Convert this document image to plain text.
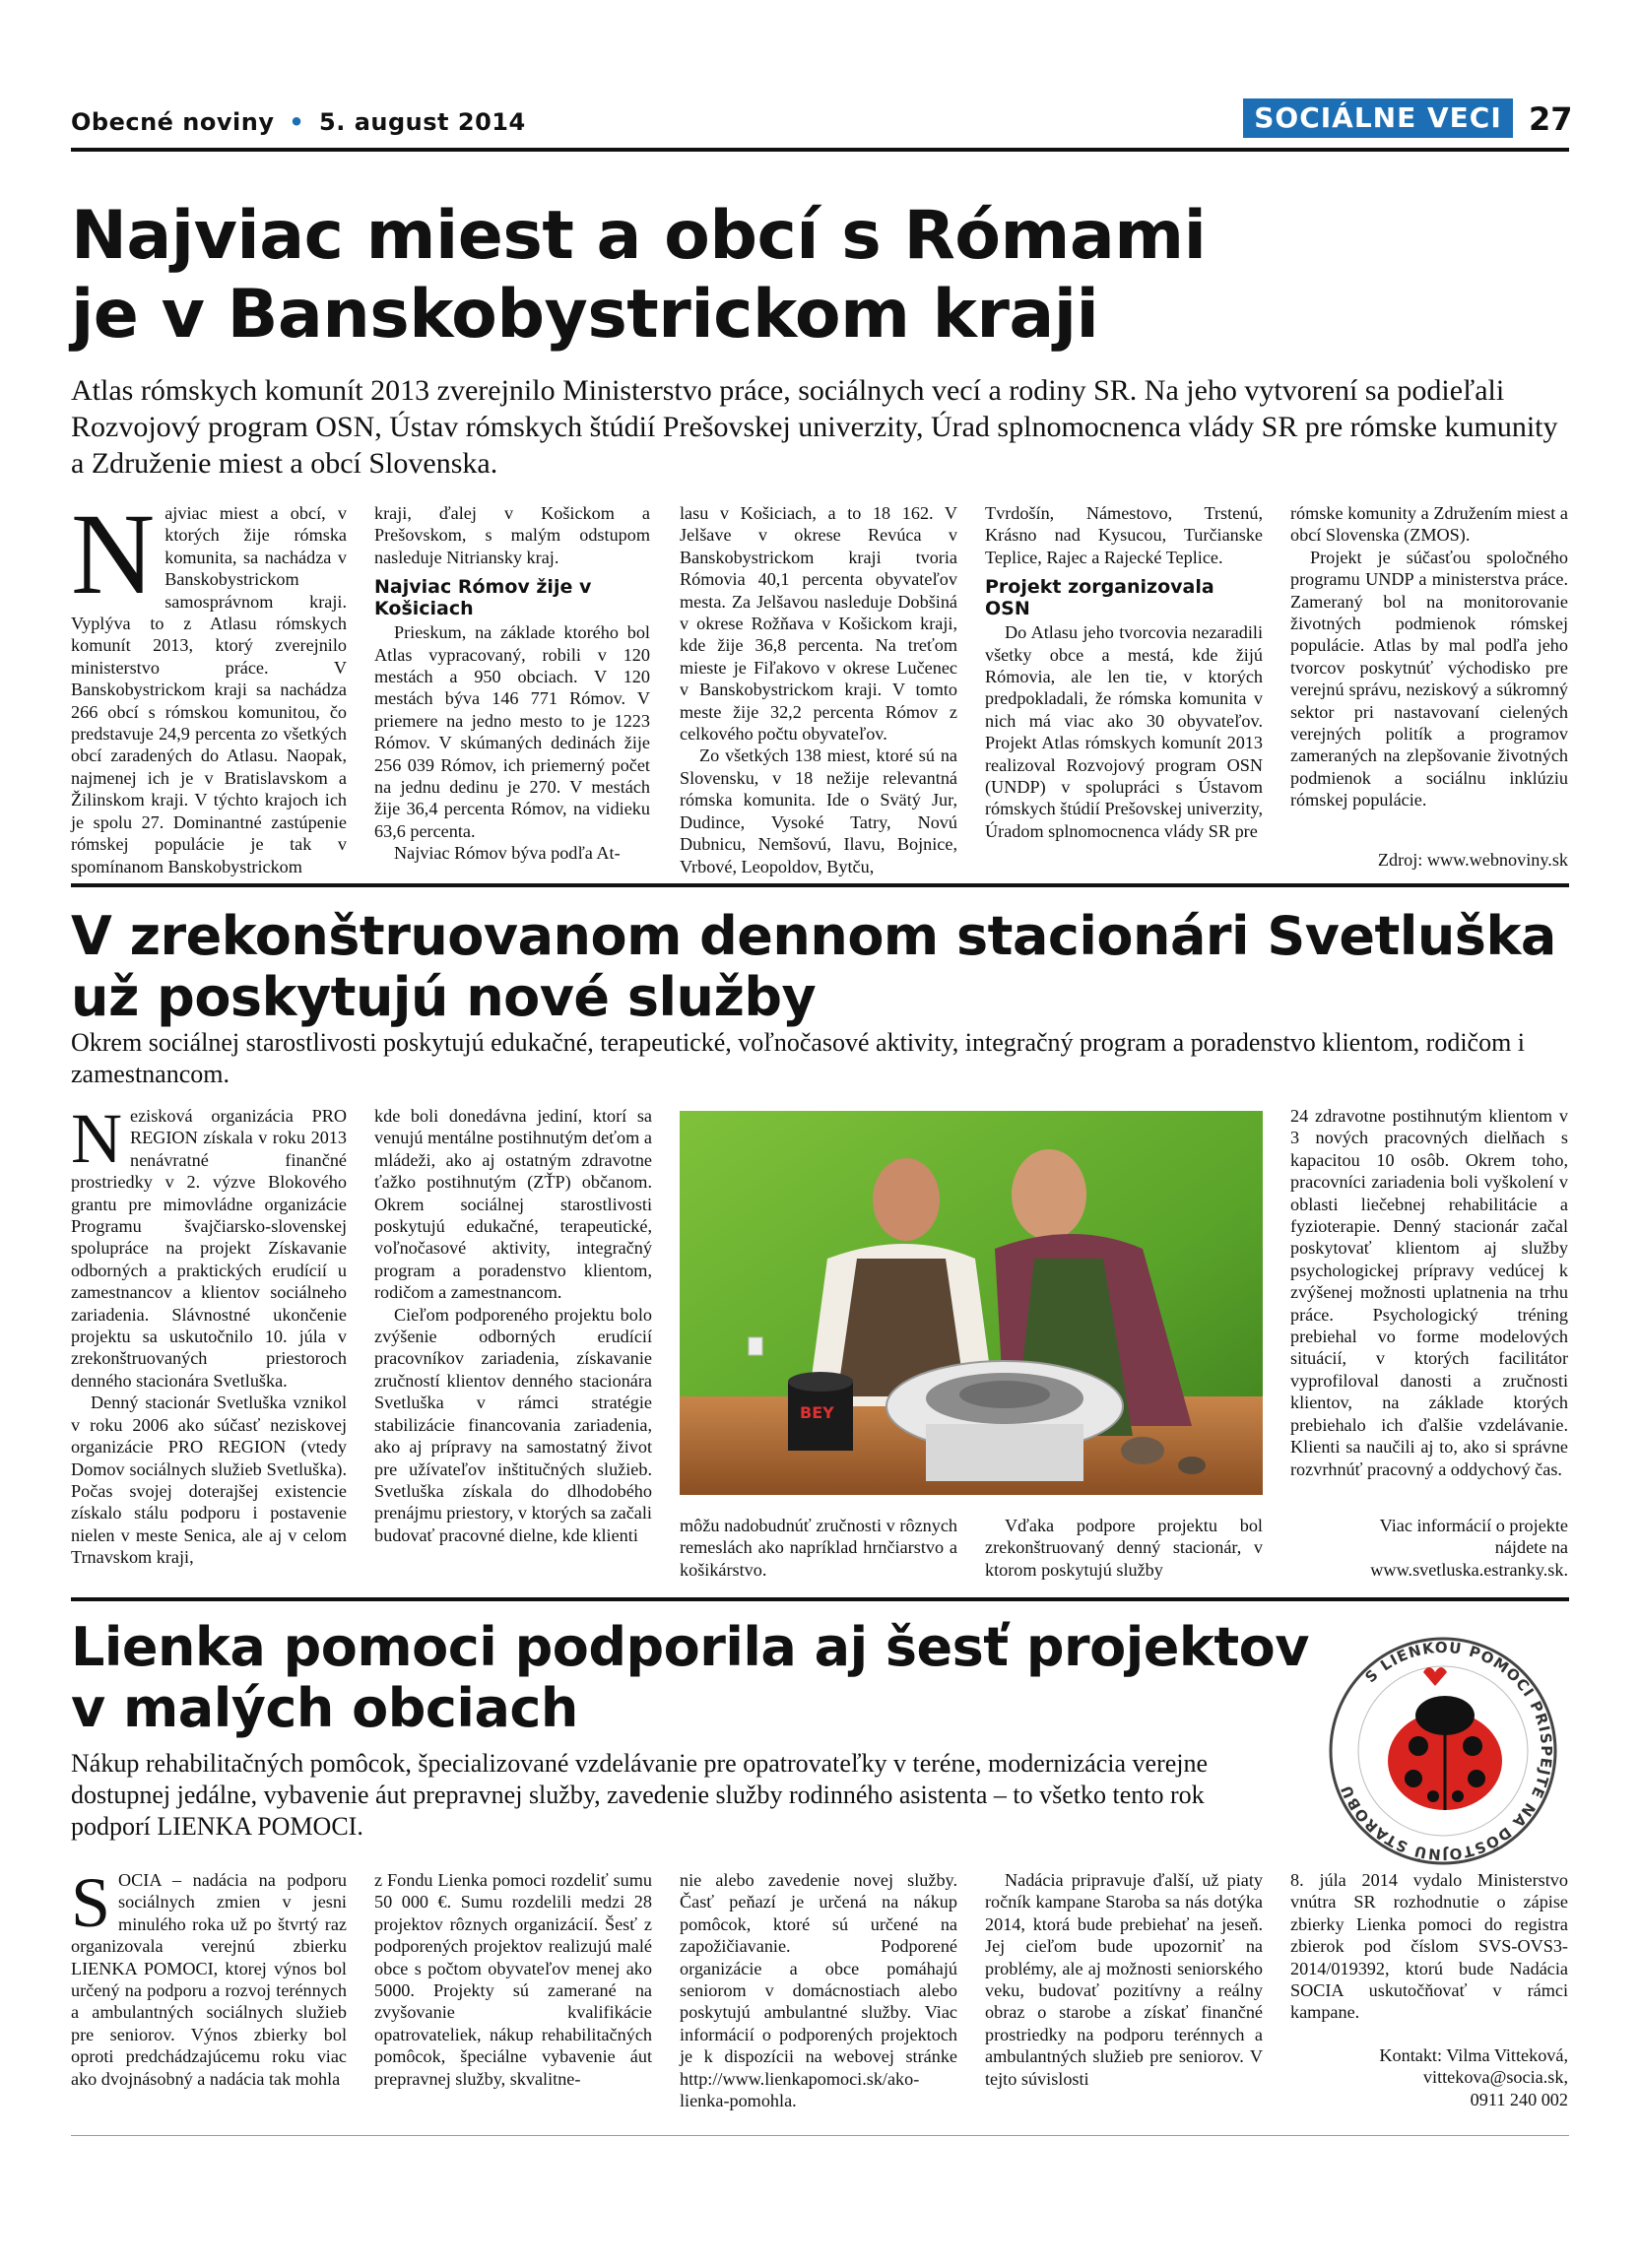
Obecné noviny • 5. august 2014	SOCIÁLNE VECI 27
Najviac miest a obcí s Rómami
je v Banskobystrickom kraji
Atlas rómskych komunít 2013 zverejnilo Ministerstvo práce, sociálnych vecí a rodiny SR. Na jeho vytvorení sa podieľali Rozvojový program OSN, Ústav rómskych štúdií Prešovskej univerzity, Úrad splnomocnenca vlády SR pre rómske kumunity a Združenie miest a obcí Slovenska.
N ajviac miest a obcí, v ktorých žije rómska komunita, sa nachádza v Banskobystrickom samosprávnom kraji. Vyplýva to z Atlasu rómskych komunít 2013, ktorý zverejnilo ministerstvo práce. V Banskobystrickom kraji sa nachádza 266 obcí s rómskou komunitou, čo predstavuje 24,9 percenta zo všetkých obcí zaradených do Atlasu. Naopak, najmenej ich je v Bratislavskom a Žilinskom kraji. V týchto krajoch ich je spolu 27. Dominantné zastúpenie rómskej populácie je tak v spomínanom Banskobystrickom

kraji, ďalej v Košickom a Prešovskom, s malým odstupom nasleduje Nitriansky kraj.

Najviac Rómov žije v Košiciach

Prieskum, na základe ktorého bol Atlas vypracovaný, robili v 120 mestách a 950 obciach. V 120 mestách býva 146 771 Rómov. V priemere na jedno mesto to je 1223 Rómov. V skúmaných dedinách žije 256 039 Rómov, ich priemerný počet na jednu dedinu je 270. V mestách žije 36,4 percenta Rómov, na vidieku 63,6 percenta.

Najviac Rómov býva podľa At-

lasu v Košiciach, a to 18 162. V Jelšave v okrese Revúca v Banskobystrickom kraji tvoria Rómovia 40,1 percenta obyvateľov mesta. Za Jelšavou nasleduje Dobšiná v okrese Rožňava v Košickom kraji, kde žije 36,8 percenta. Na treťom mieste je Fiľakovo v okrese Lučenec v Banskobystrickom kraji. V tomto meste žije 32,2 percenta Rómov z celkového počtu obyvateľov.

Zo všetkých 138 miest, ktoré sú na Slovensku, v 18 nežije relevantná rómska komunita. Ide o Svätý Jur, Dudince, Vysoké Tatry, Novú Dubnicu, Nemšovú, Ilavu, Bojnice, Vrbové, Leopoldov, Bytču,

Tvrdošín, Námestovo, Trstenú, Krásno nad Kysucou, Turčianske Teplice, Rajec a Rajecké Teplice.

Projekt zorganizovala OSN

Do Atlasu jeho tvorcovia nezaradili všetky obce a mestá, kde žijú Rómovia, ale len tie, v ktorých predpokladali, že rómska komunita v nich má viac ako 30 obyvateľov. Projekt Atlas rómskych komunít 2013 realizoval Rozvojový program OSN (UNDP) v spolupráci s Ústavom rómskych štúdií Prešovskej univerzity, Úradom splnomocnenca vlády SR pre

rómske komunity a Združením miest a obcí Slovenska (ZMOS).

Projekt je súčasťou spoločného programu UNDP a ministerstva práce. Zameraný bol na monitorovanie životných podmienok rómskej populácie. Atlas by mal podľa jeho tvorcov poskytnúť východisko pre verejnú správu, neziskový a súkromný sektor pri nastavovaní cielených verejných politík a programov zameraných na zlepšovanie životných podmienok a sociálnu inklúziu rómskej populácie.

Zdroj: www.webnoviny.sk
V zrekonštruovanom dennom stacionári Svetluška
už poskytujú nové služby
Okrem sociálnej starostlivosti poskytujú edukačné, terapeutické, voľnočasové aktivity, integračný program a poradenstvo klientom, rodičom i zamestnancom.
N ezisková organizácia PRO REGION získala v roku 2013 nenávratné finančné prostriedky v 2. výzve Blokového grantu pre mimovládne organizácie Programu švajčiarsko-slovenskej spolupráce na projekt Získavanie odborných a praktických erudícií u zamestnancov a klientov sociálneho zariadenia. Slávnostné ukončenie projektu sa uskutočnilo 10. júla v zrekonštruovaných priestoroch denného stacionára Svetluška.

Denný stacionár Svetluška vznikol v roku 2006 ako súčasť neziskovej organizácie PRO REGION (vtedy Domov sociálnych služieb Svetluška). Počas svojej doterajšej existencie získalo stálu podporu i postavenie nielen v meste Senica, ale aj v celom Trnavskom kraji,

kde boli donedávna jediní, ktorí sa venujú mentálne postihnutým deťom a mládeži, ako aj ostatným zdravotne ťažko postihnutým (ZŤP) občanom. Okrem sociálnej starostlivosti poskytujú edukačné, terapeutické, voľnočasové aktivity, integračný program a poradenstvo klientom, rodičom a zamestnancom.

Cieľom podporeného projektu bolo zvýšenie odborných erudícií pracovníkov zariadenia, získavanie zručností klientov denného stacionára Svetluška v rámci stratégie stabilizácie financovania zariadenia, ako aj prípravy na samostatný život pre užívateľov inštitučných služieb. Svetluška získala do dlhodobého prenájmu priestory, v ktorých sa začali budovať pracovné dielne, kde klienti

BEY

môžu nadobudnúť zručnosti v rôznych remeslách ako napríklad hrnčiarstvo a košikárstvo.

Vďaka podpore projektu bol zrekonštruovaný denný stacionár, v ktorom poskytujú služby

24 zdravotne postihnutým klientom v 3 nových pracovných dielňach s kapacitou 10 osôb. Okrem toho, pracovníci zariadenia boli vyškolení v oblasti liečebnej rehabilitácie a fyzioterapie. Denný stacionár začal poskytovať klientom aj služby psychologickej prípravy vedúcej k zvýšenej možnosti uplatnenia na trhu práce. Psychologický tréning prebiehal vo forme modelových situácií, v ktorých facilitátor vyprofiloval danosti a zručnosti klientov, na základe ktorých prebiehalo ich ďalšie vzdelávanie. Klienti sa naučili aj to, ako si správne rozvrhnúť pracovný a oddychový čas.

Viac informácií o projekte
nájdete na
www.svetluska.estranky.sk.
Lienka pomoci podporila aj šesť projektov
v malých obciach
Nákup rehabilitačných pomôcok, špecializované vzdelávanie pre opatrovateľky v teréne, modernizácia verejne dostupnej jedálne, vybavenie áut prepravnej služby, zavedenie služby rodinného asistenta – to všetko tento rok podporí LIENKA POMOCI.
S LIENKOU POMOCI PRISPEJTE NA DÔSTOJNÚ STAROBU
S OCIA – nadácia na podporu sociálnych zmien v jesni minulého roka už po štvrtý raz organizovala verejnú zbierku LIENKA POMOCI, ktorej výnos bol určený na podporu a rozvoj terénnych a ambulantných sociálnych služieb pre seniorov. Výnos zbierky bol oproti predchádzajúcemu roku viac ako dvojnásobný a nadácia tak mohla

z Fondu Lienka pomoci rozdeliť sumu 50 000 €. Sumu rozdelili medzi 28 projektov rôznych organizácií. Šesť z podporených projektov realizujú malé obce s počtom obyvateľov menej ako 5000. Projekty sú zamerané na zvyšovanie kvalifikácie opatrovateliek, nákup rehabilitačných pomôcok, špeciálne vybavenie áut prepravnej služby, skvalitne-

nie alebo zavedenie novej služby. Časť peňazí je určená na nákup pomôcok, ktoré sú určené na zapožičiavanie. Podporené organizácie a obce pomáhajú seniorom v domácnostiach alebo poskytujú ambulantné služby. Viac informácií o podporených projektoch je k dispozícii na webovej stránke http://www.lienkapomoci.sk/ako-lienka-pomohla.

Nadácia pripravuje ďalší, už piaty ročník kampane Staroba sa nás dotýka 2014, ktorá bude prebiehať na jeseň. Jej cieľom bude upozorniť na problémy, ale aj možnosti seniorského veku, budovať pozitívny a reálny obraz o starobe a získať finančné prostriedky na podporu terénnych a ambulantných služieb pre seniorov. V tejto súvislosti

8. júla 2014 vydalo Ministerstvo vnútra SR rozhodnutie o zápise zbierky Lienka pomoci do registra zbierok pod číslom SVS-OVS3-2014/019392, ktorú bude Nadácia SOCIA uskutočňovať v rámci kampane.

Kontakt: Vilma Vitteková,
vittekova@socia.sk,
0911 240 002
